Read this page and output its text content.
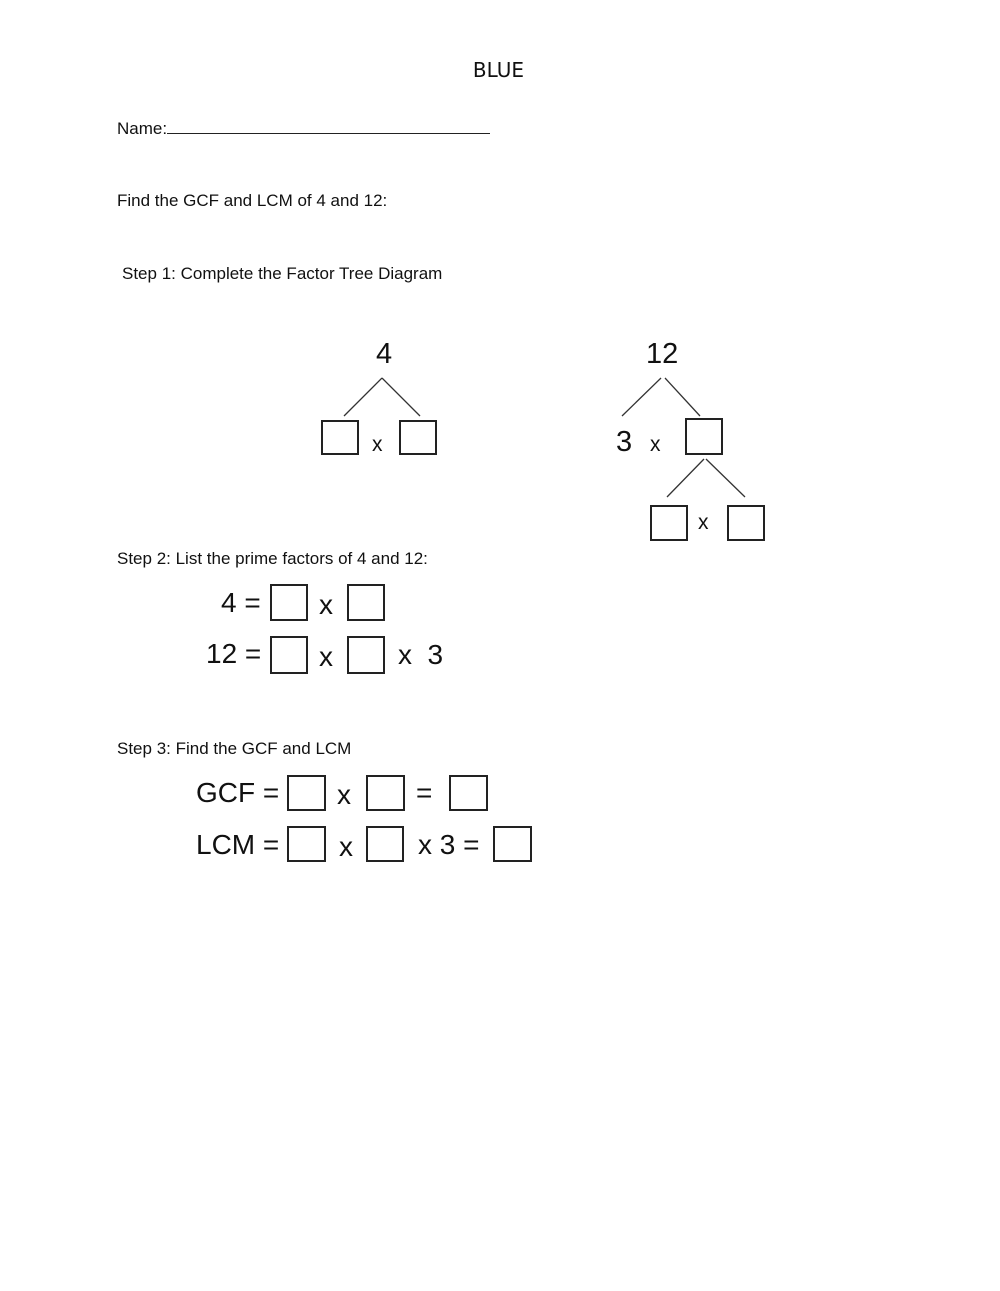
BLUE
Name:
Find the GCF and LCM of 4 and 12:
Step 1: Complete the Factor Tree Diagram
4
x
12
3 x
x
Step 2: List the prime factors of 4 and 12:
4 = x
12 = x x  3
Step 3: Find the GCF and LCM
GCF = x =
LCM = x x 3 =
